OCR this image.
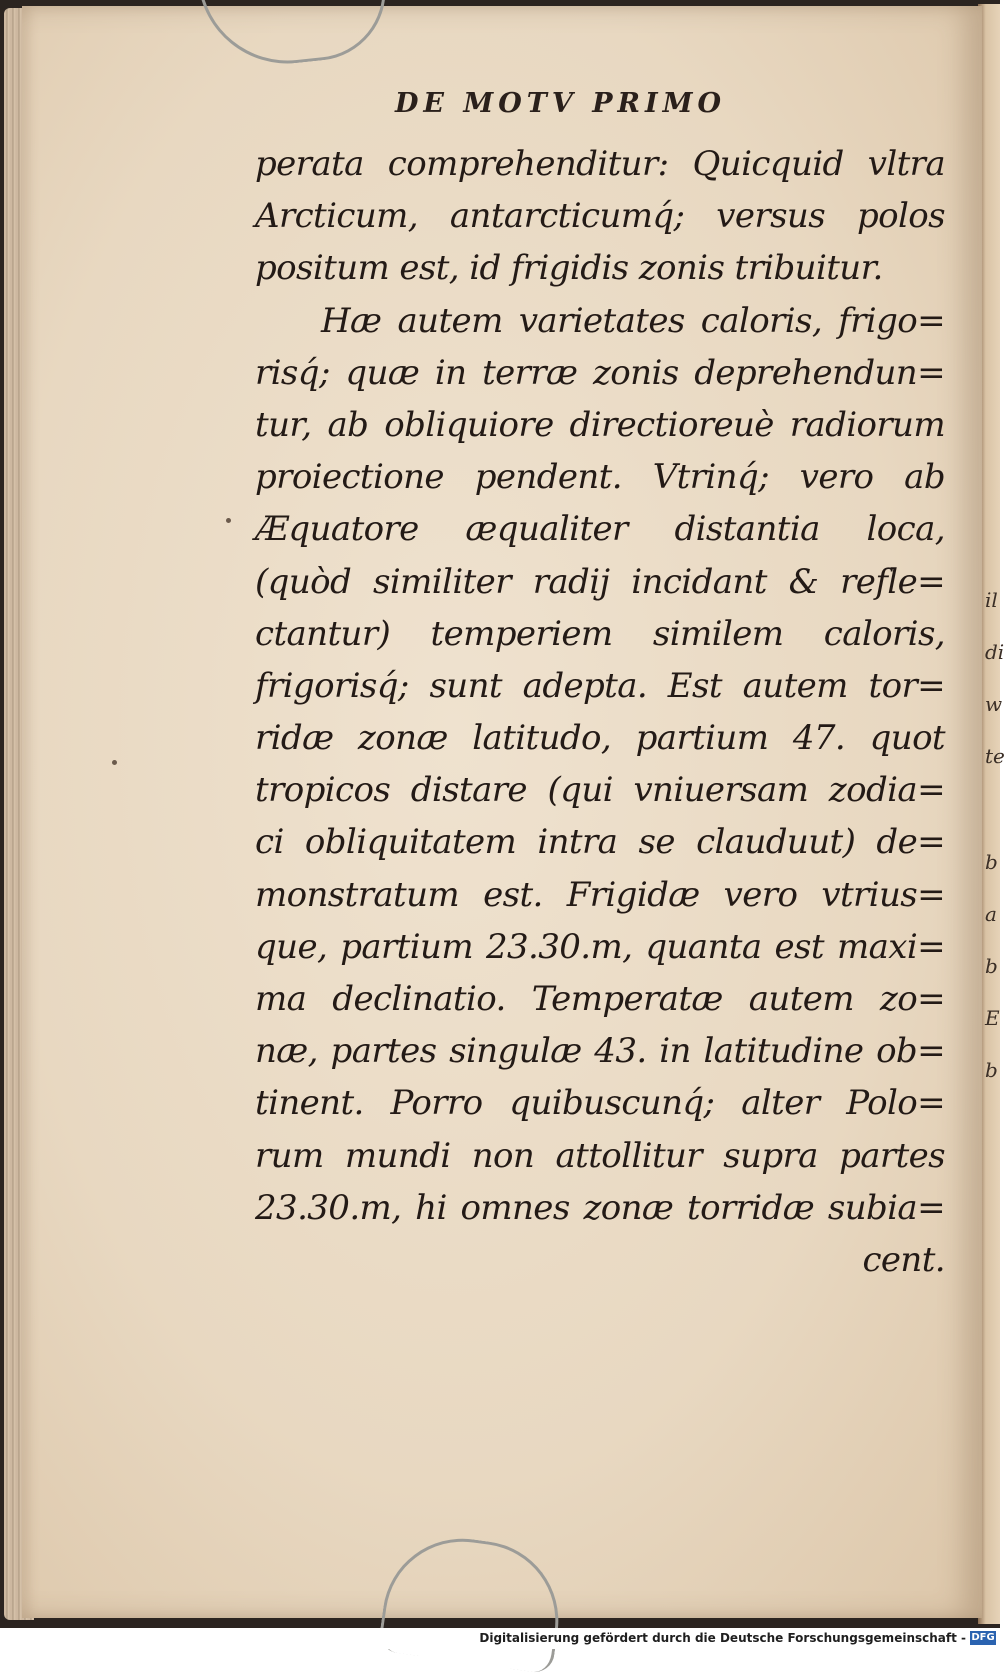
il
di
w
te
b
a
b
E
b
DE MOTV PRIMO
perata comprehenditur: Quicquid vltra
Arcticum, antarcticumq́; versus polos
positum est, id frigidis zonis tribuitur.
Hæ autem varietates caloris, frigo=
risq́; quæ in terræ zonis deprehendun=
tur, ab obliquiore directioreuè radiorum
proiectione pendent. Vtrinq́; vero ab
Æquatore æqualiter distantia loca,
(quòd similiter radij incidant & refle=
ctantur) temperiem similem caloris,
frigorisq́; sunt adepta. Est autem tor=
ridæ zonæ latitudo, partium 47. quot
tropicos distare (qui vniuersam zodia=
ci obliquitatem intra se clauduut) de=
monstratum est. Frigidæ vero vtrius=
que, partium 23.30.m, quanta est maxi=
ma declinatio. Temperatæ autem zo=
næ, partes singulæ 43. in latitudine ob=
tinent. Porro quibuscunq́; alter Polo=
rum mundi non attollitur supra partes
23.30.m, hi omnes zonæ torridæ subia=
cent.
Digitalisierung gefördert durch die Deutsche Forschungsgemeinschaft - DFG
